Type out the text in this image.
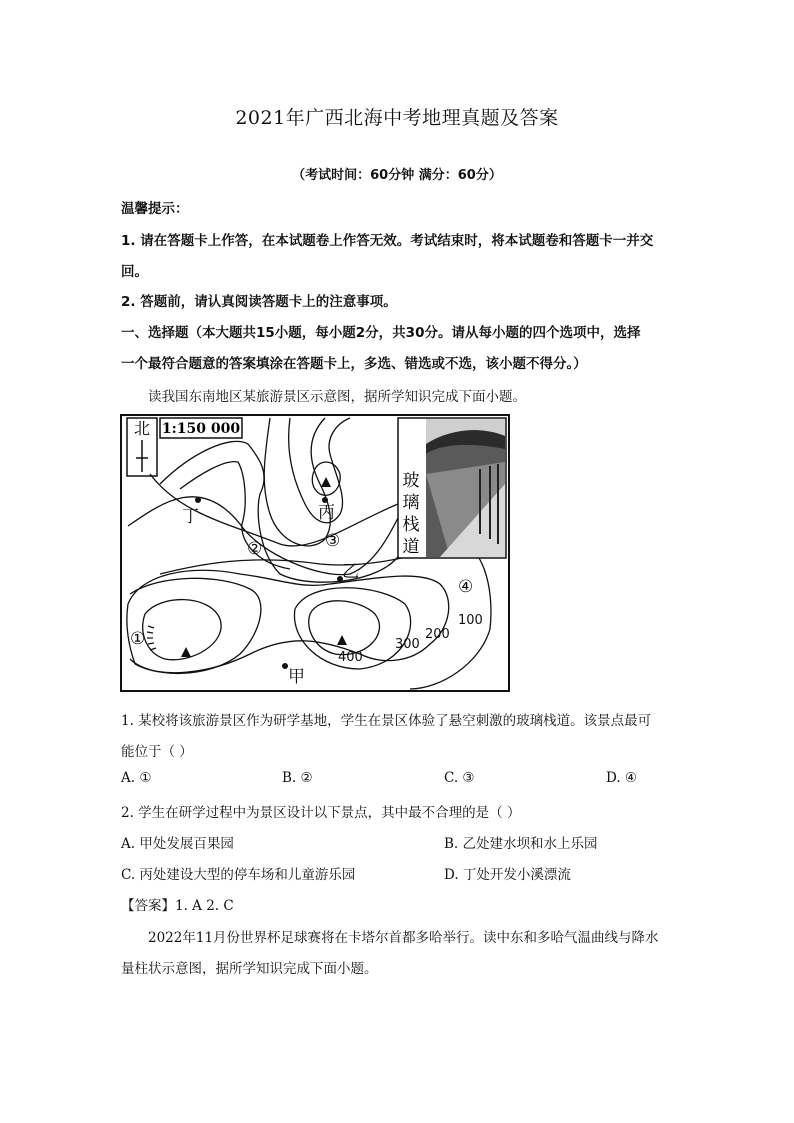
2021年广西北海中考地理真题及答案
（考试时间：60分钟 满分：60分）
温馨提示：
1. 请在答题卡上作答，在本试题卷上作答无效。考试结束时，将本试题卷和答题卡一并交
回。
2. 答题前，请认真阅读答题卡上的注意事项。
一、选择题（本大题共15小题，每小题2分，共30分。请从每小题的四个选项中，选择
一个最符合题意的答案填涂在答题卡上，多选、错选或不选，该小题不得分。）
读我国东南地区某旅游景区示意图，据所学知识完成下面小题。
北 1:150 000
丁	丙
乙
甲
①
②	③
④
100
200
300
400
玻
璃
栈
道
1. 某校将该旅游景区作为研学基地，学生在景区体验了悬空刺激的玻璃栈道。该景点最可
能位于（ ）
A. ①	B. ②	C. ③	D. ④
2. 学生在研学过程中为景区设计以下景点，其中最不合理的是（ ）
A. 甲处发展百果园	B. 乙处建水坝和水上乐园
C. 丙处建设大型的停车场和儿童游乐园	D. 丁处开发小溪漂流
【答案】1. A 2. C
2022年11月份世界杯足球赛将在卡塔尔首都多哈举行。读中东和多哈气温曲线与降水
量柱状示意图，据所学知识完成下面小题。
